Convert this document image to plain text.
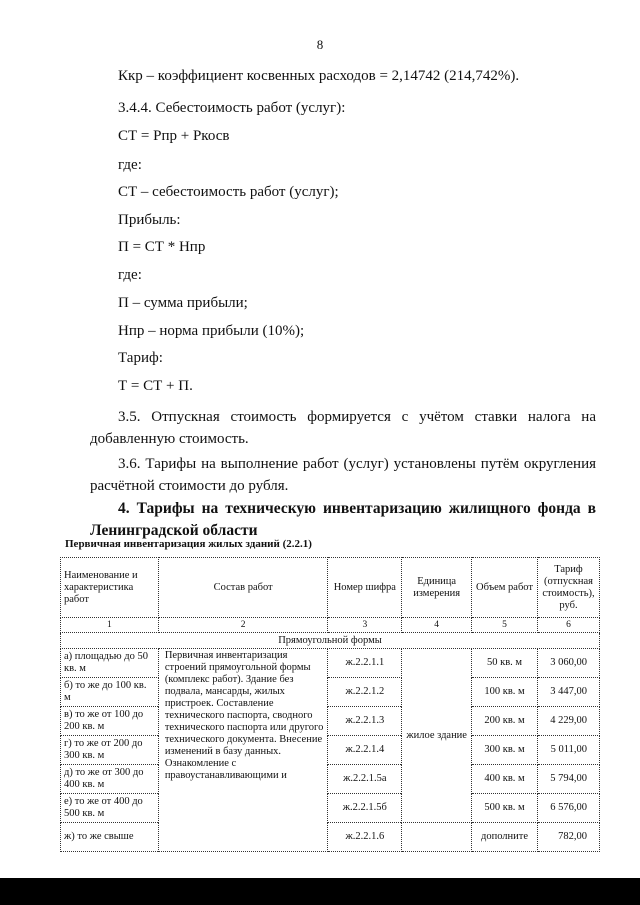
8
Ккр – коэффициент косвенных расходов = 2,14742 (214,742%).
3.4.4. Себестоимость работ (услуг):
СТ = Рпр + Ркосв
где:
СТ – себестоимость работ (услуг);
Прибыль:
П = СТ * Нпр
где:
П – сумма прибыли;
Нпр – норма прибыли (10%);
Тариф:
Т = СТ + П.
3.5. Отпускная стоимость формируется с учётом ставки налога на добавленную стоимость.
3.6. Тарифы на выполнение работ (услуг) установлены путём округления расчётной стоимости до рубля.
4. Тарифы на техническую инвентаризацию жилищного фонда в Ленинградской области
Первичная инвентаризация жилых зданий (2.2.1)
Наименование и характеристика работ	Состав работ	Номер шифра	Единица измерения	Объем работ	Тариф (отпускная стоимость), руб.
1	2	3	4	5	6
Прямоугольной формы					
а) площадью до 50 кв. м	Первичная инвентаризация строений прямоугольной формы (комплекс работ). Здание без подвала, мансарды, жилых пристроек. Составление технического паспорта, сводного технического паспорта или другого технического документа. Внесение изменений в базу данных. Ознакомление с правоустанавливающими и	ж.2.2.1.1	жилое здание	50 кв. м	3 060,00
б) то же до 100 кв. м		ж.2.2.1.2		100 кв. м	3 447,00
в) то же от 100 до 200 кв. м		ж.2.2.1.3		200 кв. м	4 229,00
г) то же от 200 до 300 кв. м		ж.2.2.1.4		300 кв. м	5 011,00
д) то же от 300 до 400 кв. м		ж.2.2.1.5а		400 кв. м	5 794,00
е) то же от 400 до 500 кв. м		ж.2.2.1.5б		500 кв. м	6 576,00
ж) то же свыше		ж.2.2.1.6		дополните	782,00
